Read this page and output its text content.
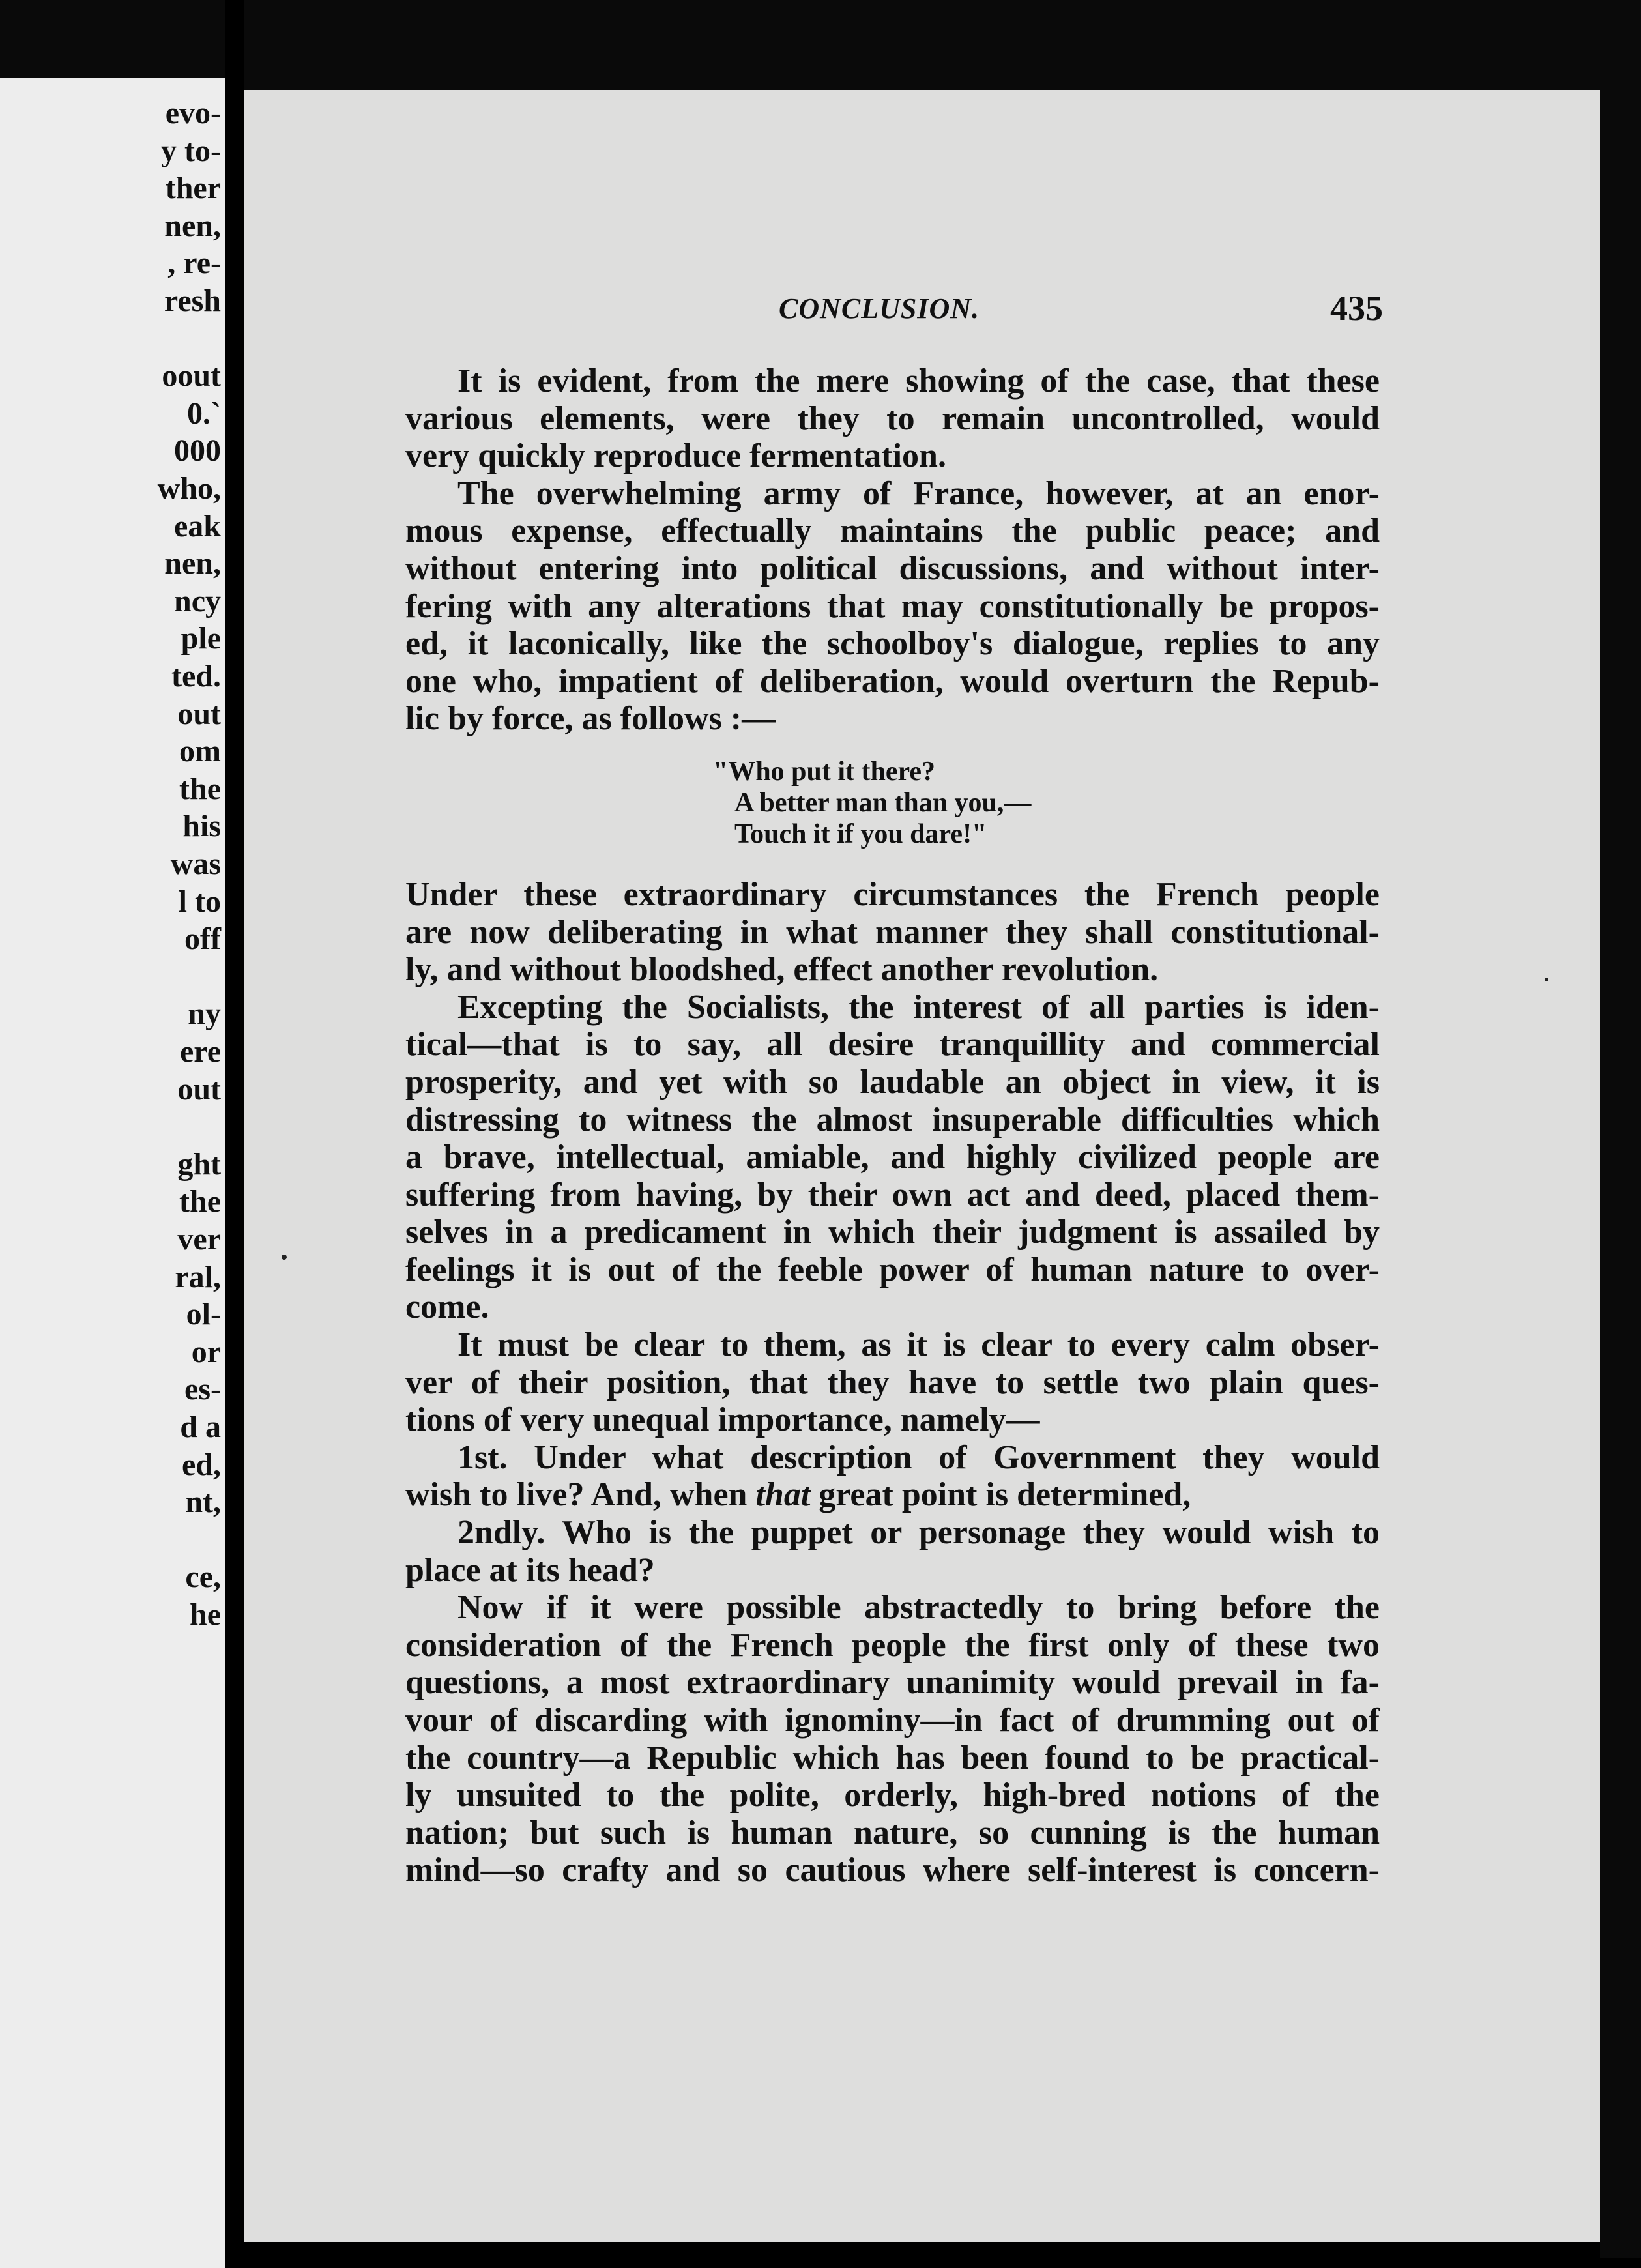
evo-
y to-
ther
nen,
, re-
resh
oout
0.`
000
who,
eak
nen,
ncy
ple
ted.
out
om
the
his
was
l to
off
ny
ere
out
ght
the
ver
ral,
ol-
or
es-
d a
ed,
nt,
ce,
he
CONCLUSION.	435
It is evident, from the mere showing of the case, that these
various elements, were they to remain uncontrolled, would
very quickly reproduce fermentation.
The overwhelming army of France, however, at an enor-
mous expense, effectually maintains the public peace; and
without entering into political discussions, and without inter-
fering with any alterations that may constitutionally be propos-
ed, it laconically, like the schoolboy's dialogue, replies to any
one who, impatient of deliberation, would overturn the Repub-
lic by force, as follows :—
"Who put it there?
A better man than you,—
Touch it if you dare!"
Under these extraordinary circumstances the French people
are now deliberating in what manner they shall constitutional-
ly, and without bloodshed, effect another revolution.
Excepting the Socialists, the interest of all parties is iden-
tical—that is to say, all desire tranquillity and commercial
prosperity, and yet with so laudable an object in view, it is
distressing to witness the almost insuperable difficulties which
a brave, intellectual, amiable, and highly civilized people are
suffering from having, by their own act and deed, placed them-
selves in a predicament in which their judgment is assailed by
feelings it is out of the feeble power of human nature to over-
come.
It must be clear to them, as it is clear to every calm obser-
ver of their position, that they have to settle two plain ques-
tions of very unequal importance, namely—
1st. Under what description of Government they would
wish to live? And, when that great point is determined,
2ndly. Who is the puppet or personage they would wish to
place at its head?
Now if it were possible abstractedly to bring before the
consideration of the French people the first only of these two
questions, a most extraordinary unanimity would prevail in fa-
vour of discarding with ignominy—in fact of drumming out of
the country—a Republic which has been found to be practical-
ly unsuited to the polite, orderly, high-bred notions of the
nation; but such is human nature, so cunning is the human
mind—so crafty and so cautious where self-interest is concern-
